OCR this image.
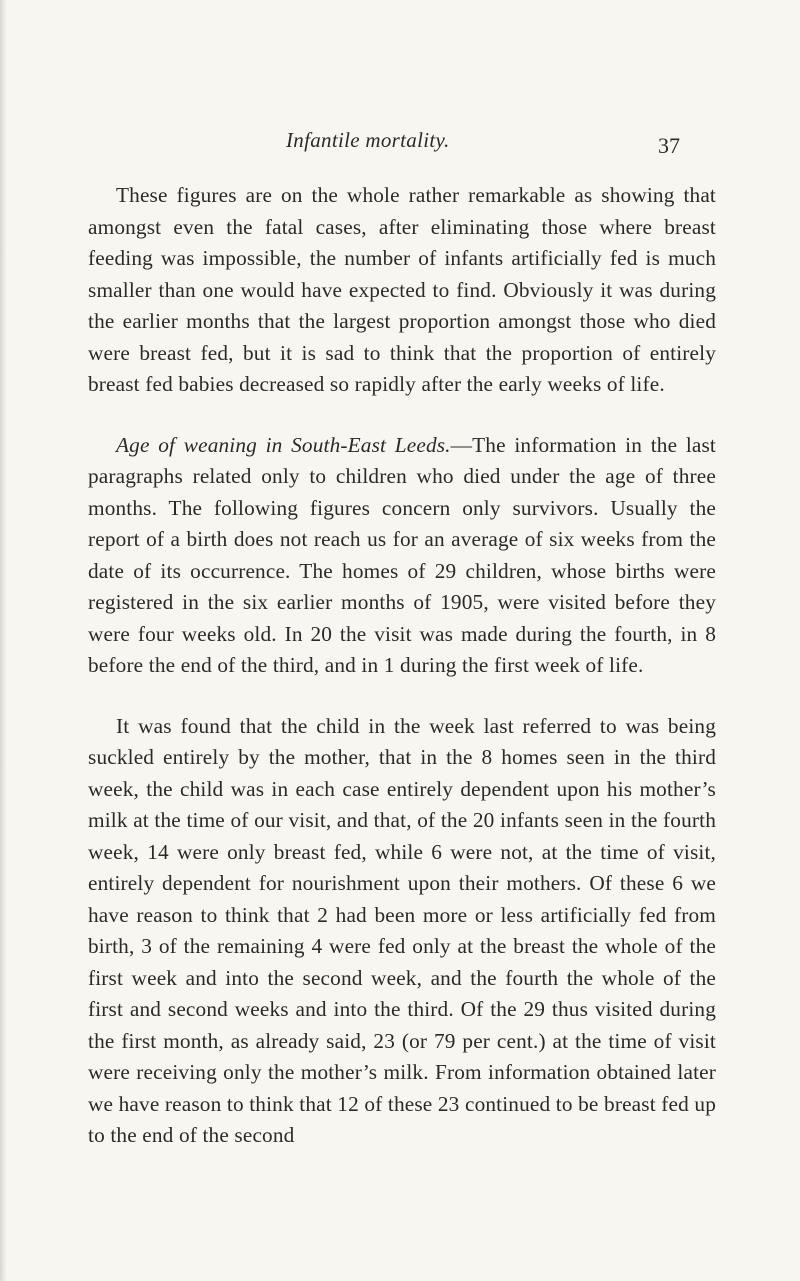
Infantile mortality.	37

These figures are on the whole rather remarkable as showing that amongst even the fatal cases, after eliminating those where breast feeding was impossible, the number of infants artificially fed is much smaller than one would have expected to find. Obviously it was during the earlier months that the largest proportion amongst those who died were breast fed, but it is sad to think that the proportion of entirely breast fed babies decreased so rapidly after the early weeks of life.

Age of weaning in South-East Leeds.—The information in the last paragraphs related only to children who died under the age of three months. The following figures concern only survivors. Usually the report of a birth does not reach us for an average of six weeks from the date of its occurrence. The homes of 29 children, whose births were registered in the six earlier months of 1905, were visited before they were four weeks old. In 20 the visit was made during the fourth, in 8 before the end of the third, and in 1 during the first week of life.

It was found that the child in the week last referred to was being suckled entirely by the mother, that in the 8 homes seen in the third week, the child was in each case entirely dependent upon his mother’s milk at the time of our visit, and that, of the 20 infants seen in the fourth week, 14 were only breast fed, while 6 were not, at the time of visit, entirely dependent for nourishment upon their mothers. Of these 6 we have reason to think that 2 had been more or less artificially fed from birth, 3 of the remaining 4 were fed only at the breast the whole of the first week and into the second week, and the fourth the whole of the first and second weeks and into the third. Of the 29 thus visited during the first month, as already said, 23 (or 79 per cent.) at the time of visit were receiving only the mother’s milk. From information obtained later we have reason to think that 12 of these 23 continued to be breast fed up to the end of the second
